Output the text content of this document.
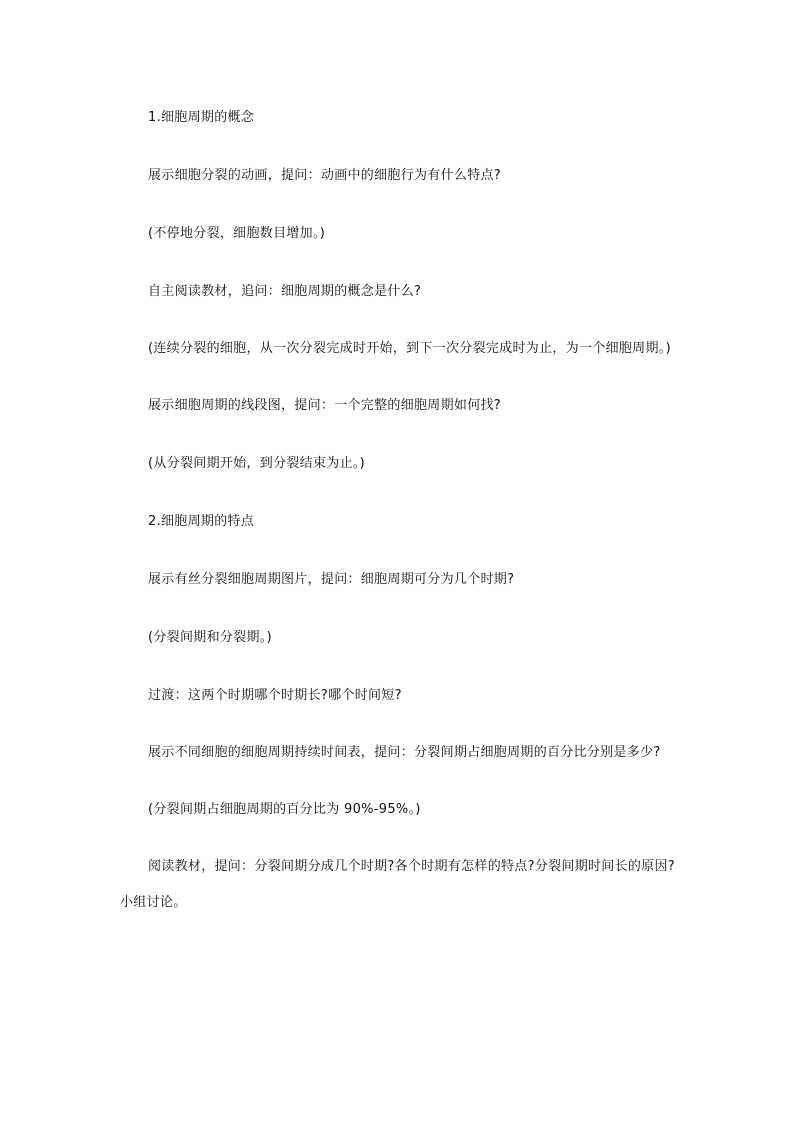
1.细胞周期的概念

展示细胞分裂的动画，提问：动画中的细胞行为有什么特点?

(不停地分裂，细胞数目增加。)

自主阅读教材，追问：细胞周期的概念是什么?

(连续分裂的细胞，从一次分裂完成时开始，到下一次分裂完成时为止，为一个细胞周期。)

展示细胞周期的线段图，提问：一个完整的细胞周期如何找?

(从分裂间期开始，到分裂结束为止。)

2.细胞周期的特点

展示有丝分裂细胞周期图片，提问：细胞周期可分为几个时期?

(分裂间期和分裂期。)

过渡：这两个时期哪个时期长?哪个时间短?

展示不同细胞的细胞周期持续时间表，提问：分裂间期占细胞周期的百分比分别是多少?

(分裂间期占细胞周期的百分比为 90%-95%。)

阅读教材，提问：分裂间期分成几个时期?各个时期有怎样的特点?分裂间期时间长的原因?小组讨论。
